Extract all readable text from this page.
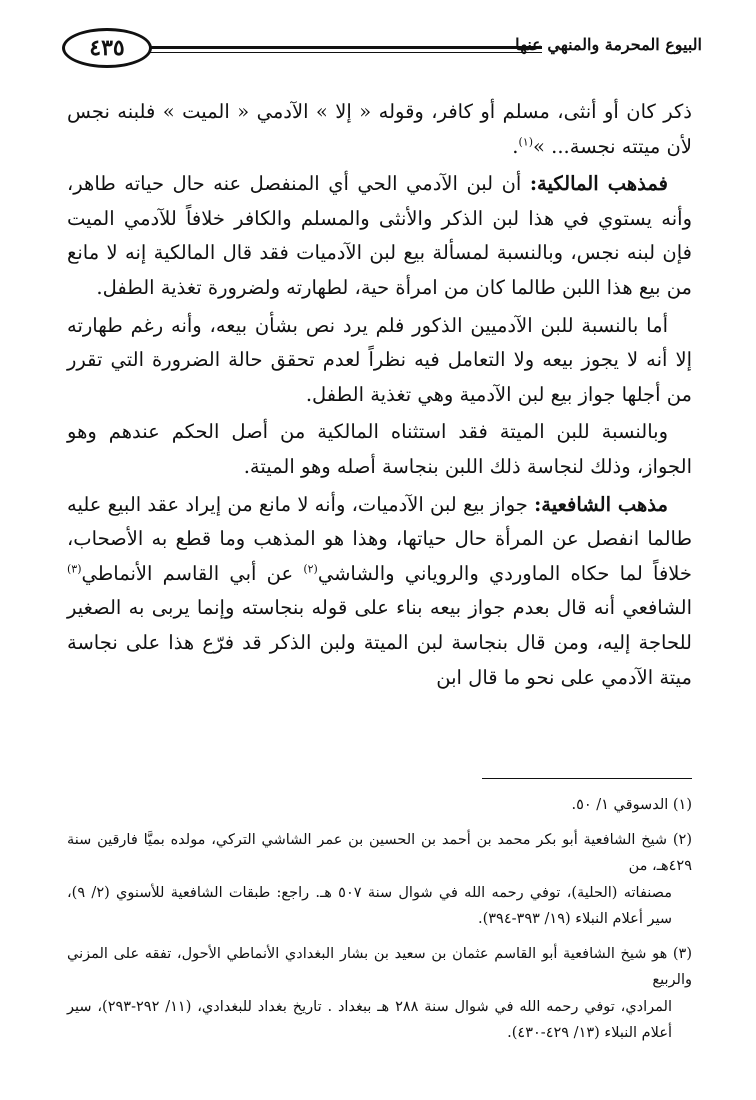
٤٣٥	البيوع المحرمة والمنهي عنها

ذكر كان أو أنثى، مسلم أو كافر، وقوله « إلا » الآدمي « الميت » فلبنه نجس لأن ميتته نجسة... »$^{(١)}$.

فمذهب المالكية: أن لبن الآدمي الحي أي المنفصل عنه حال حياته طاهر، وأنه يستوي في هذا لبن الذكر والأنثى والمسلم والكافر خلافاً للآدمي الميت فإن لبنه نجس، وبالنسبة لمسألة بيع لبن الآدميات فقد قال المالكية إنه لا مانع من بيع هذا اللبن طالما كان من امرأة حية، لطهارته ولضرورة تغذية الطفل.

أما بالنسبة للبن الآدميين الذكور فلم يرد نص بشأن بيعه، وأنه رغم طهارته إلا أنه لا يجوز بيعه ولا التعامل فيه نظراً لعدم تحقق حالة الضرورة التي تقرر من أجلها جواز بيع لبن الآدمية وهي تغذية الطفل.

وبالنسبة للبن الميتة فقد استثناه المالكية من أصل الحكم عندهم وهو الجواز، وذلك لنجاسة ذلك اللبن بنجاسة أصله وهو الميتة.

مذهب الشافعية: جواز بيع لبن الآدميات، وأنه لا مانع من إيراد عقد البيع عليه طالما انفصل عن المرأة حال حياتها، وهذا هو المذهب وما قطع به الأصحاب، خلافاً لما حكاه الماوردي والروياني والشاشي$^{(٢)}$ عن أبي القاسم الأنماطي$^{(٣)}$ الشافعي أنه قال بعدم جواز بيعه بناء على قوله بنجاسته وإنما يربى به الصغير للحاجة إليه، ومن قال بنجاسة لبن الميتة ولبن الذكر قد فرّع هذا على نجاسة ميتة الآدمي على نحو ما قال ابن

(١) الدسوقي ١/ ٥٠.
(٢) شيخ الشافعية أبو بكر محمد بن أحمد بن الحسين بن عمر الشاشي التركي، مولده بميَّا فارقين سنة ٤٢٩هـ، من
مصنفاته (الحلية)، توفي رحمه الله في شوال سنة ٥٠٧ هـ. راجع: طبقات الشافعية للأسنوي (٢/ ٩)، سير أعلام النبلاء (١٩/ ٣٩٣-٣٩٤).
(٣) هو شيخ الشافعية أبو القاسم عثمان بن سعيد بن بشار البغدادي الأنماطي الأحول، تفقه على المزني والربيع
المرادي، توفي رحمه الله في شوال سنة ٢٨٨ هـ ببغداد . تاريخ بغداد للبغدادي، (١١/ ٢٩٢-٢٩٣)، سير أعلام النبلاء (١٣/ ٤٢٩-٤٣٠).
